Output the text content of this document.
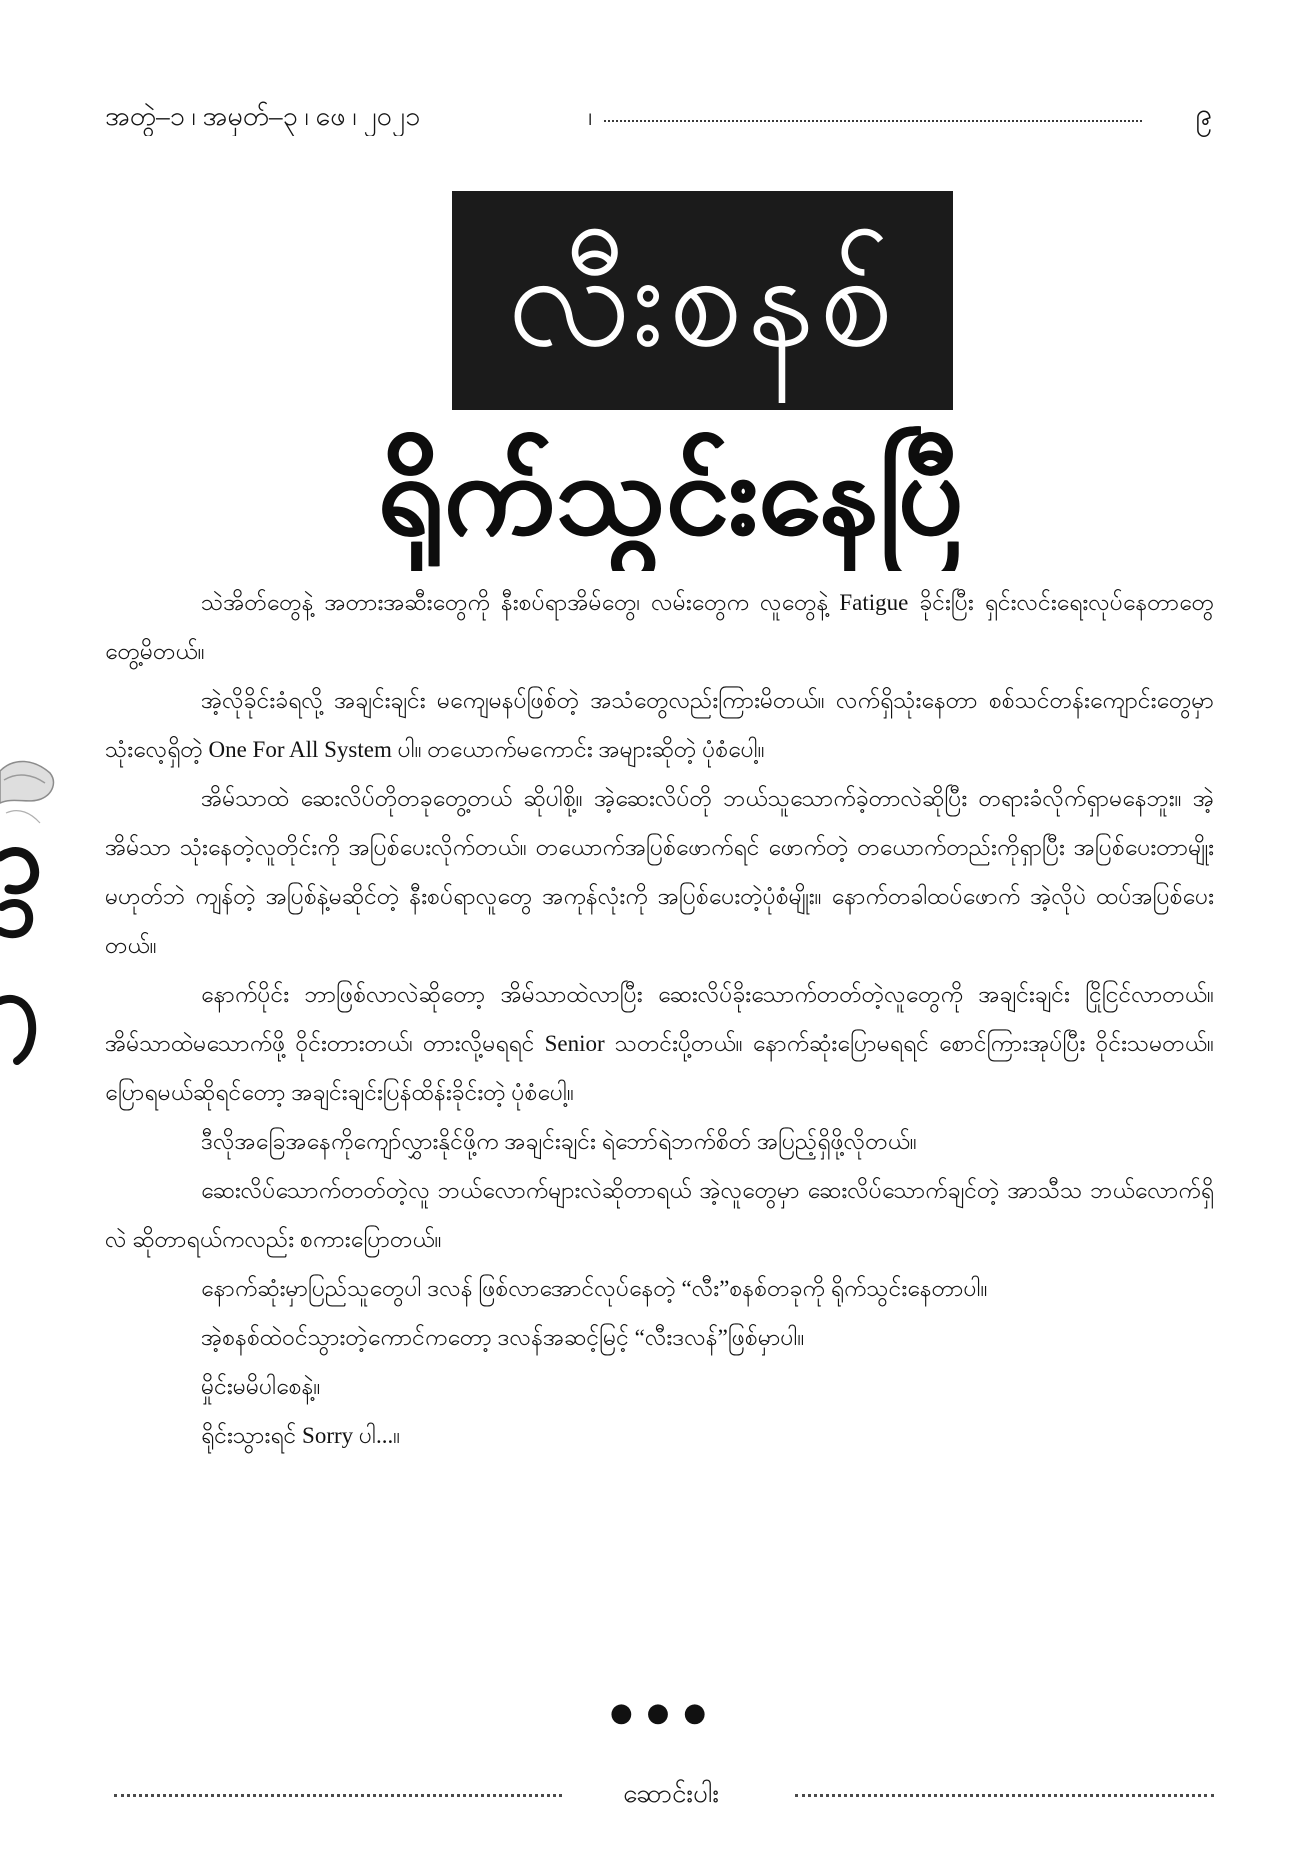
အတွဲ–၁ ၊ အမှတ်–၃ ၊ ဖေ ၊ ၂၀၂၁	၊	၉
လီးစနစ်
ရိုက်သွင်းနေပြီ

သဲအိတ်တွေနဲ့ အတားအဆီးတွေကို နီးစပ်ရာအိမ်တွေ၊ လမ်းတွေက လူတွေနဲ့ Fatigue ခိုင်းပြီး ရှင်းလင်းရေးလုပ်နေတာတွေ တွေ့မိတယ်။

အဲ့လိုခိုင်းခံရလို့ အချင်းချင်း မကျေမနပ်ဖြစ်တဲ့ အသံတွေလည်းကြားမိတယ်။ လက်ရှိသုံးနေတာ စစ်သင်တန်းကျောင်းတွေမှာ သုံးလေ့ရှိတဲ့ One For All System ပါ။ တယောက်မကောင်း အများဆိုတဲ့ ပုံစံပေါ့။

အိမ်သာထဲ ဆေးလိပ်တိုတခုတွေ့တယ် ဆိုပါစို့။ အဲ့ဆေးလိပ်တို ဘယ်သူသောက်ခဲ့တာလဲဆိုပြီး တရားခံလိုက်ရှာမနေဘူး။ အဲ့အိမ်သာ သုံးနေတဲ့လူတိုင်းကို အပြစ်ပေးလိုက်တယ်။ တယောက်အပြစ်ဖောက်ရင် ဖောက်တဲ့ တယောက်တည်းကိုရှာပြီး အပြစ်ပေးတာမျိုးမဟုတ်ဘဲ ကျန်တဲ့ အပြစ်နဲ့မဆိုင်တဲ့ နီးစပ်ရာလူတွေ အကုန်လုံးကို အပြစ်ပေးတဲ့ပုံစံမျိုး။ နောက်တခါထပ်ဖောက် အဲ့လိုပဲ ထပ်အပြစ်ပေးတယ်။

နောက်ပိုင်း ဘာဖြစ်လာလဲဆိုတော့ အိမ်သာထဲလာပြီး ဆေးလိပ်ခိုးသောက်တတ်တဲ့လူတွေကို အချင်းချင်း ငြိုငြင်လာတယ်။ အိမ်သာထဲမသောက်ဖို့ ဝိုင်းတားတယ်၊ တားလို့မရရင် Senior သတင်းပို့တယ်။ နောက်ဆုံးပြောမရရင် စောင်ကြားအုပ်ပြီး ဝိုင်းသမတယ်။ ပြောရမယ်ဆိုရင်တော့ အချင်းချင်းပြန်ထိန်းခိုင်းတဲ့ ပုံစံပေါ့။

ဒီလိုအခြေအနေကိုကျော်လွှားနိုင်ဖို့က အချင်းချင်း ရဲဘော်ရဲဘက်စိတ် အပြည့်ရှိဖို့လိုတယ်။

ဆေးလိပ်သောက်တတ်တဲ့လူ ဘယ်လောက်များလဲဆိုတာရယ် အဲ့လူတွေမှာ ဆေးလိပ်သောက်ချင်တဲ့ အာသီသ ဘယ်လောက်ရှိလဲ ဆိုတာရယ်ကလည်း စကားပြောတယ်။

နောက်ဆုံးမှာပြည်သူတွေပါ ဒလန် ဖြစ်လာအောင်လုပ်နေတဲ့ “လီး”စနစ်တခုကို ရိုက်သွင်းနေတာပါ။

အဲ့စနစ်ထဲဝင်သွားတဲ့ကောင်ကတော့ ဒလန်အဆင့်မြင့် “လီးဒလန်”ဖြစ်မှာပါ။

မှိုင်းမမိပါစေနဲ့။

ရိုင်းသွားရင် Sorry ပါ...။

●●●
ဆောင်းပါး
